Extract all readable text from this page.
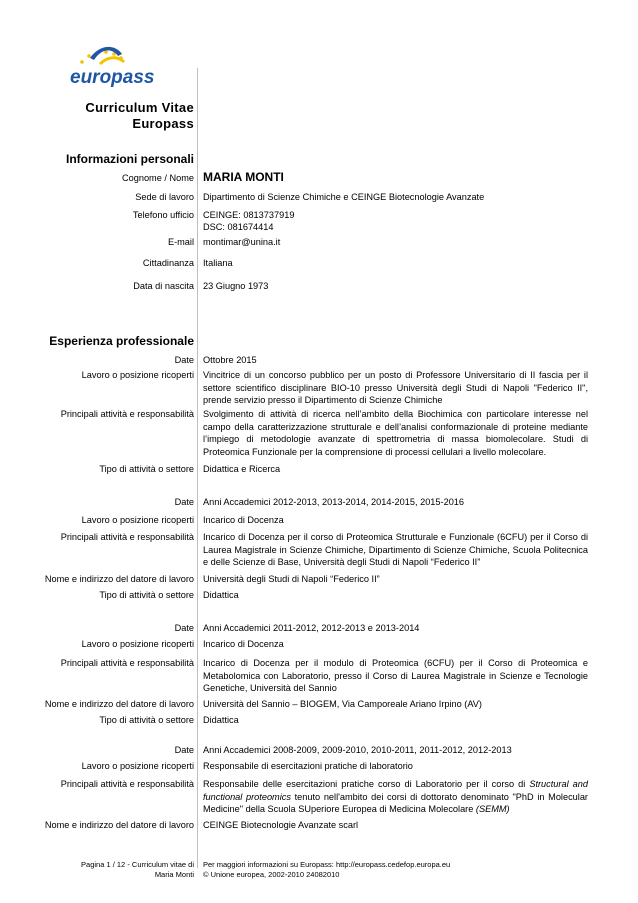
europass
Curriculum Vitae
Europass
Informazioni personali
Cognome / Nome MARIA MONTI
Sede di lavoro Dipartimento di Scienze Chimiche e CEINGE Biotecnologie Avanzate
Telefono ufficio CEINGE: 0813737919
DSC: 081674414
E-mail montimar@unina.it
Cittadinanza Italiana
Data di nascita 23 Giugno 1973
Esperienza professionale
Date Ottobre 2015
Lavoro o posizione ricoperti Vincitrice di un concorso pubblico per un posto di Professore Universitario di II fascia per il settore scientifico disciplinare BIO-10 presso Università degli Studi di Napoli "Federico II", prende servizio presso il Dipartimento di Scienze Chimiche
Principali attività e responsabilità Svolgimento di attività di ricerca nell’ambito della Biochimica con particolare interesse nel campo della caratterizzazione strutturale e dell’analisi conformazionale di proteine mediante l’impiego di metodologie avanzate di spettrometria di massa biomolecolare. Studi di Proteomica Funzionale per la comprensione di processi cellulari a livello molecolare.
Tipo di attività o settore Didattica e Ricerca
Date Anni Accademici 2012-2013, 2013-2014, 2014-2015, 2015-2016
Lavoro o posizione ricoperti Incarico di Docenza
Principali attività e responsabilità Incarico di Docenza per il corso di Proteomica Strutturale e Funzionale (6CFU) per il Corso di Laurea Magistrale in Scienze Chimiche, Dipartimento di Scienze Chimiche, Scuola Politecnica e delle Scienze di Base, Università degli Studi di Napoli “Federico II”
Nome e indirizzo del datore di lavoro Università degli Studi di Napoli “Federico II”
Tipo di attività o settore Didattica
Date Anni Accademici 2011-2012, 2012-2013 e 2013-2014
Lavoro o posizione ricoperti Incarico di Docenza
Principali attività e responsabilità Incarico di Docenza per il modulo di Proteomica (6CFU) per il Corso di Proteomica e Metabolomica con Laboratorio, presso il Corso di Laurea Magistrale in Scienze e Tecnologie Genetiche, Università del Sannio
Nome e indirizzo del datore di lavoro Università del Sannio – BIOGEM, Via Camporeale Ariano Irpino (AV)
Tipo di attività o settore Didattica
Date Anni Accademici 2008-2009, 2009-2010, 2010-2011, 2011-2012, 2012-2013
Lavoro o posizione ricoperti Responsabile di esercitazioni pratiche di laboratorio
Principali attività e responsabilità Responsabile delle esercitazioni pratiche corso di Laboratorio per il corso di Structural and functional proteomics tenuto nell'ambito dei corsi di dottorato denominato "PhD in Molecular Medicine" della Scuola SUperiore Europea di Medicina Molecolare (SEMM)
Nome e indirizzo del datore di lavoro CEINGE Biotecnologie Avanzate scarl
Pagina 1 / 12 - Curriculum vitae di
Maria Monti
Per maggiori informazioni su Europass: http://europass.cedefop.europa.eu
© Unione europea, 2002-2010 24082010
